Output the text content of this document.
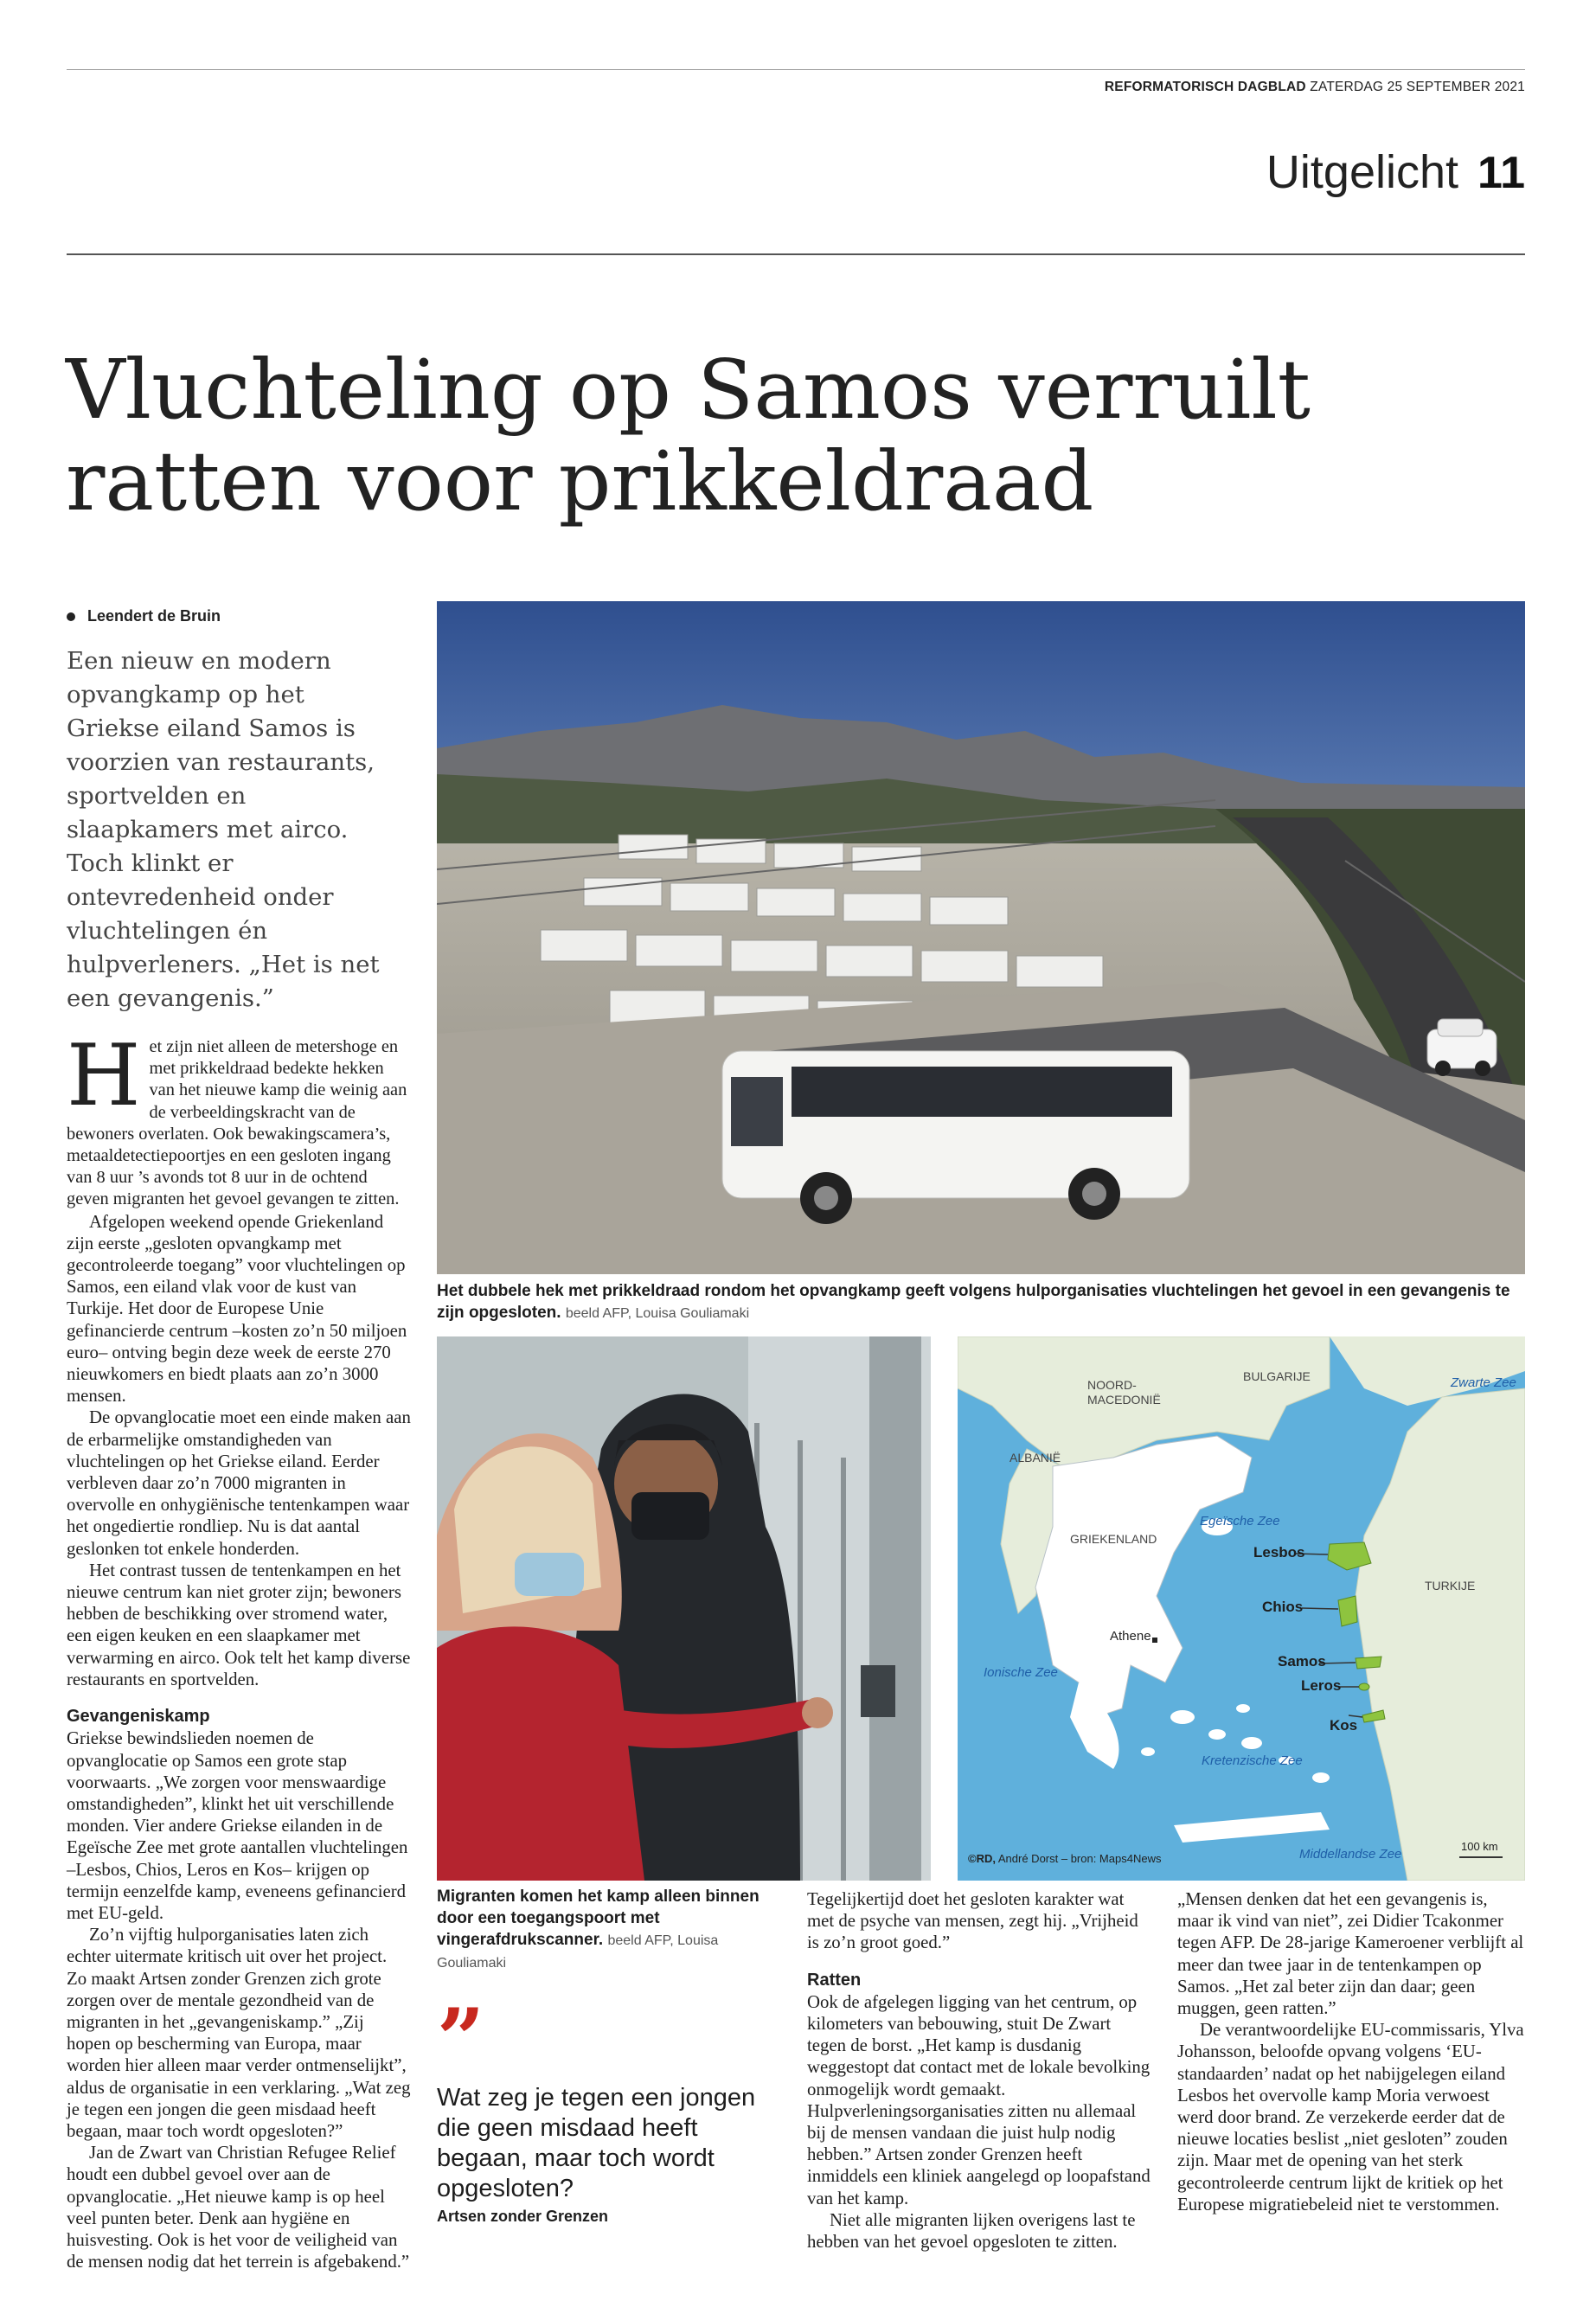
REFORMATORISCH DAGBLAD ZATERDAG 25 SEPTEMBER 2021
Uitgelicht 11
Vluchteling op Samos verruilt
ratten voor prikkeldraad
Leendert de Bruin
Een nieuw en modern opvangkamp op het Griekse eiland Samos is voorzien van restaurants, sportvelden en slaapkamers met airco. Toch klinkt er ontevredenheid onder vluchtelingen én hulpverleners. „Het is net een gevangenis.”

Het zijn niet alleen de metershoge en met prikkeldraad bedekte hekken van het nieuwe kamp die weinig aan de verbeeldingskracht van de bewoners overlaten. Ook bewakingscamera’s, metaaldetectiepoortjes en een gesloten ingang van 8 uur ’s avonds tot 8 uur in de ochtend geven migranten het gevoel gevangen te zitten.

Afgelopen weekend opende Griekenland zijn eerste „gesloten opvangkamp met gecontroleerde toegang” voor vluchtelingen op Samos, een eiland vlak voor de kust van Turkije. Het door de Europese Unie gefinancierde centrum –kosten zo’n 50 miljoen euro– ontving begin deze week de eerste 270 nieuwkomers en biedt plaats aan zo’n 3000 mensen.

De opvanglocatie moet een einde maken aan de erbarmelijke omstandigheden van vluchtelingen op het Griekse eiland. Eerder verbleven daar zo’n 7000 migranten in overvolle en onhygiënische tentenkampen waar het ongediertie rondliep. Nu is dat aantal geslonken tot enkele honderden.

Het contrast tussen de tentenkampen en het nieuwe centrum kan niet groter zijn; bewoners hebben de beschikking over stromend water, een eigen keuken en een slaapkamer met verwarming en airco. Ook telt het kamp diverse restaurants en sportvelden.

Gevangeniskamp

Griekse bewindslieden noemen de opvanglocatie op Samos een grote stap voorwaarts. „We zorgen voor menswaardige omstandigheden”, klinkt het uit verschillende monden. Vier andere Griekse eilanden in de Egeïsche Zee met grote aantallen vluchtelingen –Lesbos, Chios, Leros en Kos– krijgen op termijn eenzelfde kamp, eveneens gefinancierd met EU-geld.

Zo’n vijftig hulporganisaties laten zich echter uitermate kritisch uit over het project. Zo maakt Artsen zonder Grenzen zich grote zorgen over de mentale gezondheid van de migranten in het „gevangeniskamp.” „Zij hopen op bescherming van Europa, maar worden hier alleen maar verder ontmenselijkt”, aldus de organisatie in een verklaring. „Wat zeg je tegen een jongen die geen misdaad heeft begaan, maar toch wordt opgesloten?”

Jan de Zwart van Christian Refugee Relief houdt een dubbel gevoel over aan de opvanglocatie. „Het nieuwe kamp is op heel veel punten beter. Denk aan hygiëne en huisvesting. Ook is het voor de veiligheid van de mensen nodig dat het terrein is afgebakend.”

Het dubbele hek met prikkeldraad rondom het opvangkamp geeft volgens hulporganisaties vluchtelingen het gevoel in een gevangenis te zijn opgesloten. beeld AFP, Louisa Gouliamaki
Migranten komen het kamp alleen binnen door een toegangspoort met vingerafdrukscanner. beeld AFP, Louisa Gouliamaki
NOORD-
MACEDONIË
BULGARIJE
ALBANIË
GRIEKENLAND
TURKIJE
Zwarte Zee
Egeïsche Zee
Ionische Zee
Kretenzische Zee
Middellandse Zee
Lesbos
Chios
Samos
Leros
Kos
Athene
©RD, André Dorst – bron: Maps4News
100 km
”
Wat zeg je tegen een jongen die geen misdaad heeft begaan, maar toch wordt opgesloten?
Artsen zonder Grenzen

Tegelijkertijd doet het gesloten karakter wat met de psyche van mensen, zegt hij. „Vrijheid is zo’n groot goed.”

Ratten

Ook de afgelegen ligging van het centrum, op kilometers van bebouwing, stuit De Zwart tegen de borst. „Het kamp is dusdanig weggestopt dat contact met de lokale bevolking onmogelijk wordt gemaakt. Hulpverleningsorganisaties zitten nu allemaal bij de mensen vandaan die juist hulp nodig hebben.” Artsen zonder Grenzen heeft inmiddels een kliniek aangelegd op loopafstand van het kamp.

Niet alle migranten lijken overigens last te hebben van het gevoel opgesloten te zitten.

„Mensen denken dat het een gevangenis is, maar ik vind van niet”, zei Didier Tcakonmer tegen AFP. De 28-jarige Kameroener verblijft al meer dan twee jaar in de tentenkampen op Samos. „Het zal beter zijn dan daar; geen muggen, geen ratten.”

De verantwoordelijke EU-commissaris, Ylva Johansson, beloofde opvang volgens ‘EU-standaarden’ nadat op het nabijgelegen eiland Lesbos het overvolle kamp Moria verwoest werd door brand. Ze verzekerde eerder dat de nieuwe locaties beslist „niet gesloten” zouden zijn. Maar met de opening van het sterk gecontroleerde centrum lijkt de kritiek op het Europese migratiebeleid niet te verstommen.
